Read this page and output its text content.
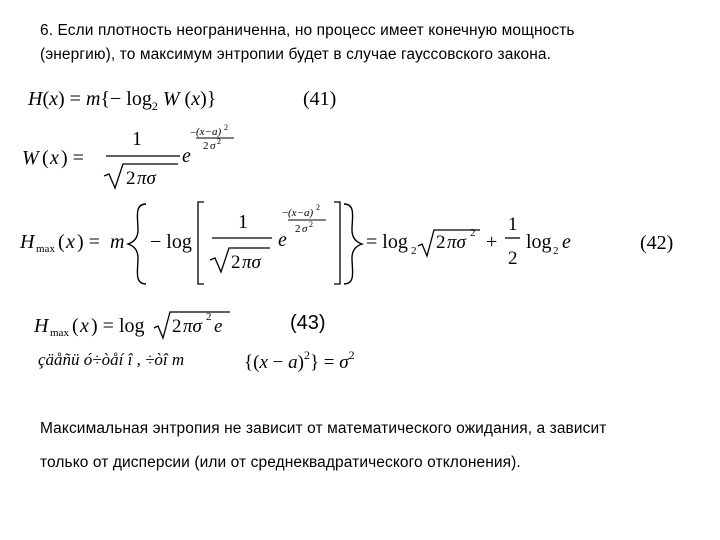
6. Если плотность неограниченна, но процесс имеет конечную мощность
(энергию), то максимум энтропии будет в случае гауссовского закона.
$H(x) = m\{- \log_2 W$ (x)}	(41)
W ( x ) =
1
2 πσ
e
− (x−a) 2
2 σ 2
H max ( x ) = m − log
1
2 πσ
e
− (x−a) 2
2 σ 2
= log 2 2 πσ 2 +
1
2
log 2 e	(42)
H max ( x ) = log 2 πσ 2 e	(43)
çäåñü ó÷òåí î , ÷òî m	$\{(x - a)^2\} = \sigma^2$
Максимальная энтропия не зависит от математического ожидания, а зависит
только от дисперсии (или от среднеквадратического отклонения).
